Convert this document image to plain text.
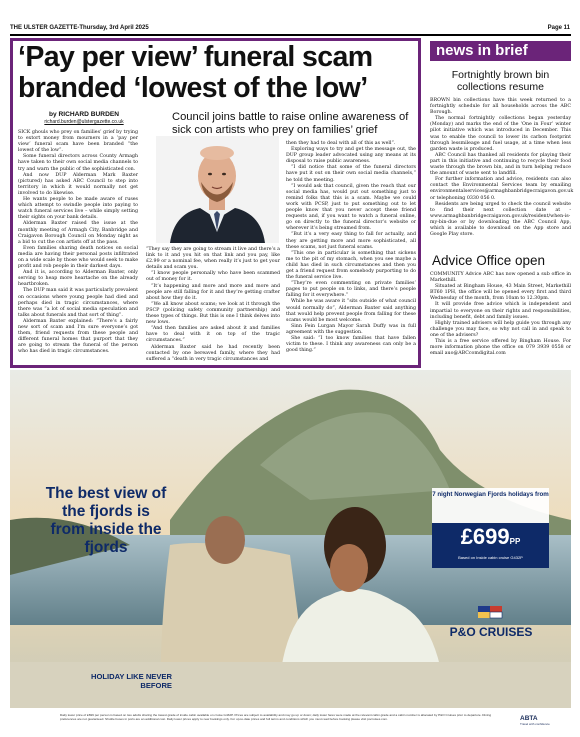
THE ULSTER GAZETTE-Thursday, 3rd April 2025	Page 11
‘Pay per view’ funeral scam branded ‘lowest of the low’
by RICHARD BURDEN
richard.burden@ulstergazette.co.uk	Council joins battle to raise online awareness of sick con artists who prey on families’ grief

SICK ghouls who prey on families’ grief by trying to extort money from mourners in a ‘pay per view’ funeral scam have been branded “the lowest of the low”.

Some funeral directors across County Armagh have taken to their own social media channels to try and warn the public of the sophisticated con.

And now DUP Alderman Mark Baxter (pictured) has asked ABC Council to step into territory in which it would normally not get involved to do likewise.

He wants people to be made aware of ruses which attempt to swindle people into paying to watch funeral services live – while simply setting their sights on your bank details.

Alderman Baxter raised the issue at the monthly meeting of Armagh City, Banbridge and Craigavon Borough Council on Monday night as a bid to cut the con artists off at the pass.

Even families sharing death notices on social media are having their personal posts infiltrated on a wide scale by those who would seek to make profit and rob people in their darkest days.

And it is, according to Alderman Baxter, only serving to heap more heartache on the already heartbroken.

The DUP man said it was particularly prevalent on occasions where young people had died and perhaps died in tragic circumstances, where there was “a lot of social media speculation and talks about funerals and that sort of thing”.

Alderman Baxter explained: “There’s a fairly new sort of scam and I’m sure everyone’s got them, friend requests from these people and different funeral homes that purport that they are going to stream the funeral of the person who has died in tragic circumstances.

“They say they are going to stream it live and there’s a link to it and you hit on that link and you pay, like £2.99 or a nominal fee, when really it’s just to get your details and scam you.

“I know people personally who have been scammed out of money for it.

“It’s happening and more and more and more and people are still falling for it and they’re getting crafter about how they do it.

“We all know about scams; we look at it through the PSCP (policing safety community partnership) and these types of things. But this is one I think delves into new lows.

“And then families are asked about it and families have to deal with it on top of the tragic circumstances.”

Alderman Baxter said he had recently been contacted by one bereaved family, where they had suffered a “death in very tragic circumstances and

then they had to deal with all of this as well”.

Exploring ways to try and get the message out, the DUP group leader advocated using any means at its disposal to raise public awareness.

“I did notice that some of the funeral directors have put it out on their own social media channels,” he told the meeting.

“I would ask that council, given the reach that our social media has, would put out something just to remind folks that this is a scam. Maybe we could work with PCSP, just to put something out to let people know that you never accept these friend requests and, if you want to watch a funeral online, go on directly to the funeral director’s website or wherever it’s being streamed from.

“But it’s a very easy thing to fall for actually, and they are getting more and more sophisticated, all these scams, not just funeral scams.

“This one in particular is something that sickens me to the pit of my stomach, when you see maybe a child has died in such circumstances and then you get a friend request from somebody purporting to do the funeral service live.

“They’re even commenting on private families’ pages to put people on to links, and there’s people falling for it everywhere.”

While he was aware it “sits outside of what council would normally do”, Alderman Baxter said anything that would help prevent people from falling for these scams would be most welcome.

Sinn Fein Lurgan Mayor Sarah Duffy was in full agreement with the suggestion.

She said: “I too know families that have fallen victim to these. I think any awareness can only be a good thing.”

news in brief
Fortnightly brown bin collections resume

BROWN bin collections have this week returned to a fortnightly schedule for all households across the ABC Borough.

The normal fortnightly collections began yesterday (Monday) and marks the end of the ‘One in Four’ winter pilot initiative which was introduced in December. This was to enable the council to lower its carbon footprint through lessmileage and fuel usage, at a time when less garden waste is produced.

ABC Council has thanked all residents for playing their part in this initiative and continuing to recycle their food waste through the brown bin, and in turn helping reduce the amount of waste sent to landfill.

For further information and advice, residents can also contact the Environmental Services team by emailing environmentalservices@armaghbanbridgecraigavon.gov.uk or telephoning 0330 056 0.

Residents are being urged to check the council website to find their next collection date at - www.armaghbanbridgecraigavon.gov.uk/resident/when-is-my-bin-due or by downloading the ABC Council App, which is available to download on the App store and Google Play store.

Advice Office open

COMMUNITY Advice ABC has now opened a sub office in Markethill.

Situated at Bingham House, 43 Main Street, Markethill BT60 1PH, the office will be opened every first and third Wednesday of the month, from 10am to 12.30pm.

It will provide free advice which is independent and impartial to everyone on their rights and responsibilities, including benefit, debt and family issues.

Highly trained advisers will help guide you through any challenge you may face, so why not call in and speak to one of the advisers?

This is a free service offered by Bingham House. For more information phone the office on 079 3939 0558 or email auo@ABCcomdigital.com

The best view of the fjords is from inside the fjords
HOLIDAY LIKE NEVER BEFORE
7 night Norwegian Fjords holidays from
£699PP
Based on Inside cabin cruise G432P
P&O CRUISES
Daily lower price of £699 per person is based on two adults sharing the lowest grade of inside cabin available on cruise G432P. Prices are subject to availability and may go up or down; daily lower fares were made at the relevant cabin grade and a cabin number is allocated by P&O Cruises prior to departure. Dining preferences are not guaranteed. Shuttle buses in ports are an additional cost. Daily lower prices apply to new bookings only. For up-to-date prices and full terms and conditions which you must read before booking please visit pocruises.com.	ABTA
Travel with confidence
